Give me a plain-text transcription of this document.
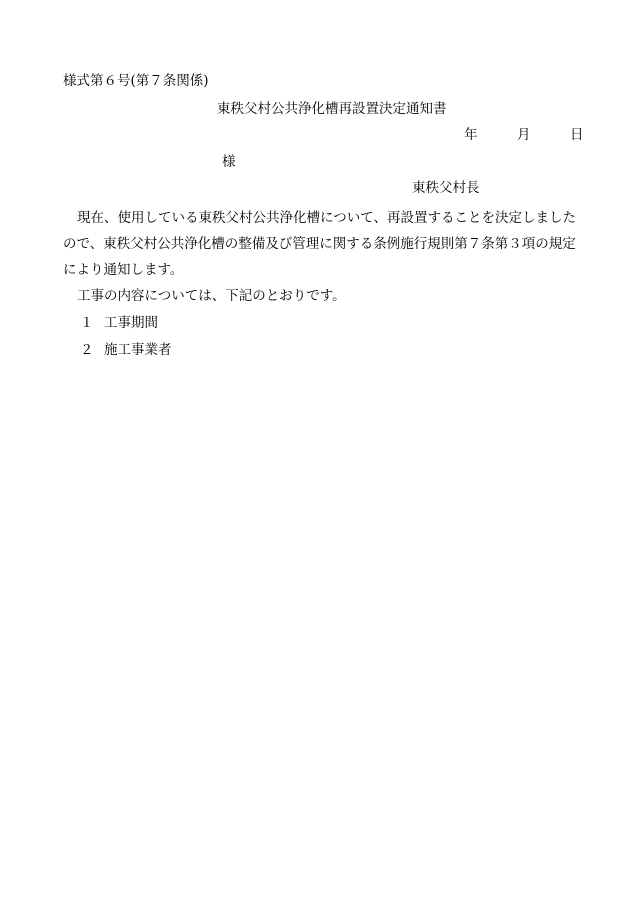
様式第６号(第７条関係)
東秩父村公共浄化槽再設置決定通知書
年	月	日
様
東秩父村長
現在、使用している東秩父村公共浄化槽について、再設置することを決定しましたので、東秩父村公共浄化槽の整備及び管理に関する条例施行規則第７条第３項の規定により通知します。
工事の内容については、下記のとおりです。
１ 工事期間
２ 施工事業者
